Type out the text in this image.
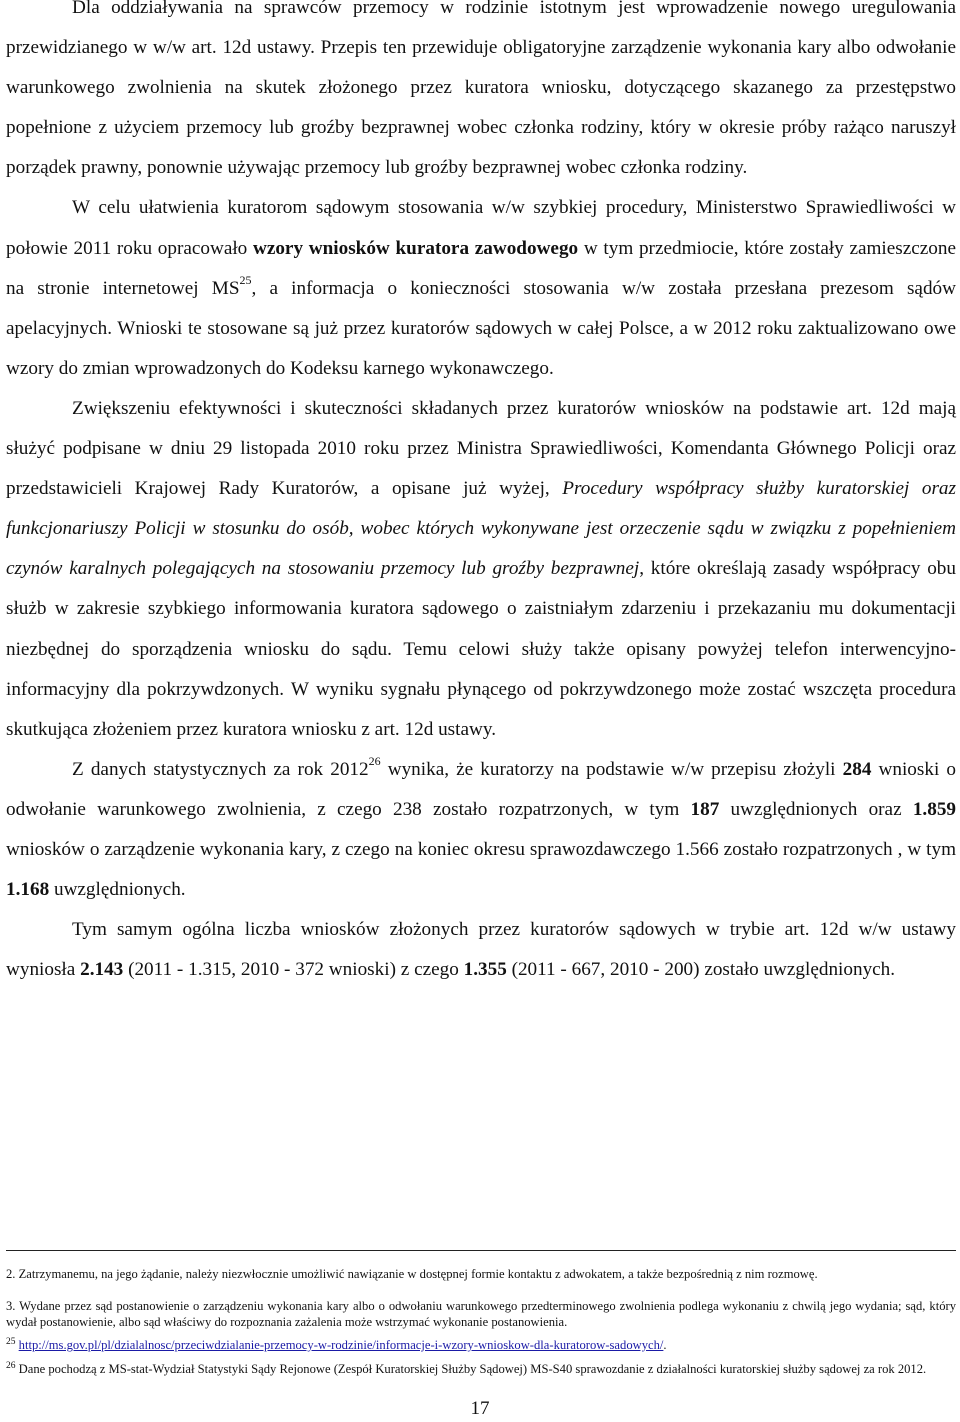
Dla oddziaływania na sprawców przemocy w rodzinie istotnym jest wprowadzenie nowego uregulowania przewidzianego w w/w art. 12d ustawy. Przepis ten przewiduje obligatoryjne zarządzenie wykonania kary albo odwołanie warunkowego zwolnienia na skutek złożonego przez kuratora wniosku, dotyczącego skazanego za przestępstwo popełnione z użyciem przemocy lub groźby bezprawnej wobec członka rodziny, który w okresie próby rażąco naruszył porządek prawny, ponownie używając przemocy lub groźby bezprawnej wobec członka rodziny.

W celu ułatwienia kuratorom sądowym stosowania w/w szybkiej procedury, Ministerstwo Sprawiedliwości w połowie 2011 roku opracowało wzory wniosków kuratora zawodowego w tym przedmiocie, które zostały zamieszczone na stronie internetowej MS$^{25}$, a informacja o konieczności stosowania w/w została przesłana prezesom sądów apelacyjnych. Wnioski te stosowane są już przez kuratorów sądowych w całej Polsce, a w 2012 roku zaktualizowano owe wzory do zmian wprowadzonych do Kodeksu karnego wykonawczego.

Zwiększeniu efektywności i skuteczności składanych przez kuratorów wniosków na podstawie art. 12d mają służyć podpisane w dniu 29 listopada 2010 roku przez Ministra Sprawiedliwości, Komendanta Głównego Policji oraz przedstawicieli Krajowej Rady Kuratorów, a opisane już wyżej, Procedury współpracy służby kuratorskiej oraz funkcjonariuszy Policji w stosunku do osób, wobec których wykonywane jest orzeczenie sądu w związku z popełnieniem czynów karalnych polegających na stosowaniu przemocy lub groźby bezprawnej, które określają zasady współpracy obu służb w zakresie szybkiego informowania kuratora sądowego o zaistniałym zdarzeniu i przekazaniu mu dokumentacji niezbędnej do sporządzenia wniosku do sądu. Temu celowi służy także opisany powyżej telefon interwencyjno-informacyjny dla pokrzywdzonych. W wyniku sygnału płynącego od pokrzywdzonego może zostać wszczęta procedura skutkująca złożeniem przez kuratora wniosku z art. 12d ustawy.

Z danych statystycznych za rok 2012$^{26}$ wynika, że kuratorzy na podstawie w/w przepisu złożyli 284 wnioski o odwołanie warunkowego zwolnienia, z czego 238 zostało rozpatrzonych, w tym 187 uwzględnionych oraz 1.859 wniosków o zarządzenie wykonania kary, z czego na koniec okresu sprawozdawczego 1.566 zostało rozpatrzonych , w tym 1.168 uwzględnionych.

Tym samym ogólna liczba wniosków złożonych przez kuratorów sądowych w trybie art. 12d w/w ustawy wyniosła 2.143 (2011 - 1.315, 2010 - 372 wnioski) z czego 1.355 (2011 - 667, 2010 - 200) zostało uwzględnionych.

2. Zatrzymanemu, na jego żądanie, należy niezwłocznie umożliwić nawiązanie w dostępnej formie kontaktu z adwokatem, a także bezpośrednią z nim rozmowę.

3. Wydane przez sąd postanowienie o zarządzeniu wykonania kary albo o odwołaniu warunkowego przedterminowego zwolnienia podlega wykonaniu z chwilą jego wydania; sąd, który wydał postanowienie, albo sąd właściwy do rozpoznania zażalenia może wstrzymać wykonanie postanowienia.

$^{25}$ http://ms.gov.pl/pl/dzialalnosc/przeciwdzialanie-przemocy-w-rodzinie/informacje-i-wzory-wnioskow-dla-kuratorow-sadowych/.

$^{26}$ Dane pochodzą z MS-stat-Wydział Statystyki Sądy Rejonowe (Zespół Kuratorskiej Służby Sądowej) MS-S40 sprawozdanie z działalności kuratorskiej służby sądowej za rok 2012.

17
